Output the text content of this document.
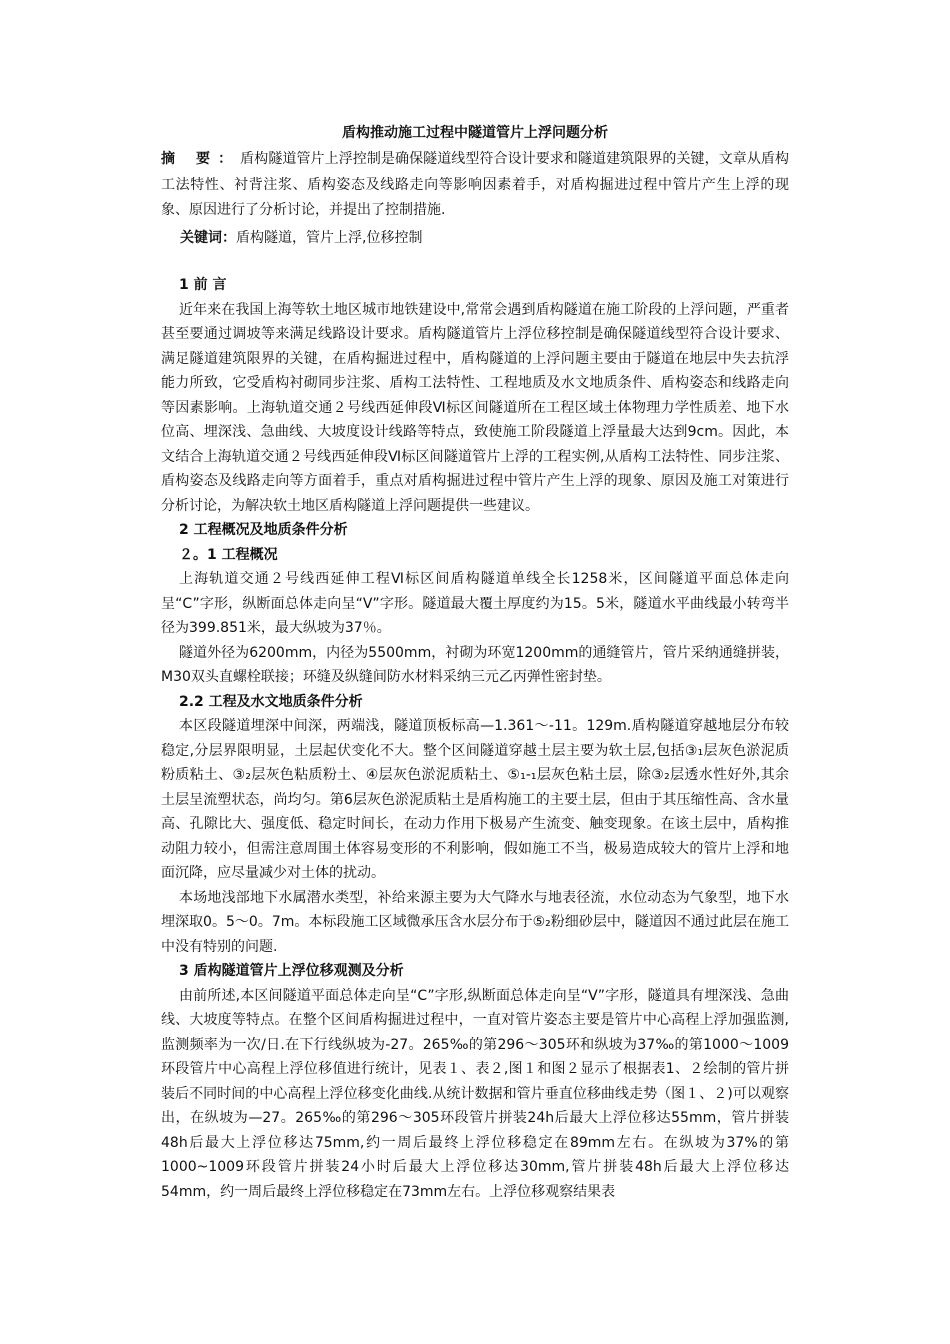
盾构推动施工过程中隧道管片上浮问题分析

摘 要：盾构隧道管片上浮控制是确保隧道线型符合设计要求和隧道建筑限界的关键，文章从盾构工法特性、衬背注浆、盾构姿态及线路走向等影响因素着手，对盾构掘进过程中管片产生上浮的现象、原因进行了分析讨论，并提出了控制措施.

关键词：盾构隧道，管片上浮,位移控制

1 前 言

近年来在我国上海等软土地区城市地铁建设中,常常会遇到盾构隧道在施工阶段的上浮问题，严重者甚至要通过调坡等来满足线路设计要求。盾构隧道管片上浮位移控制是确保隧道线型符合设计要求、满足隧道建筑限界的关键，在盾构掘进过程中，盾构隧道的上浮问题主要由于隧道在地层中失去抗浮能力所致，它受盾构衬砌同步注浆、盾构工法特性、工程地质及水文地质条件、盾构姿态和线路走向等因素影响。上海轨道交通２号线西延伸段Ⅵ标区间隧道所在工程区域土体物理力学性质差、地下水位高、埋深浅、急曲线、大坡度设计线路等特点，致使施工阶段隧道上浮量最大达到9cm。因此，本文结合上海轨道交通２号线西延伸段Ⅵ标区间隧道管片上浮的工程实例,从盾构工法特性、同步注浆、盾构姿态及线路走向等方面着手，重点对盾构掘进过程中管片产生上浮的现象、原因及施工对策进行分析讨论，为解决软土地区盾构隧道上浮问题提供一些建议。

2 工程概况及地质条件分析

２。1 工程概况

上海轨道交通２号线西延伸工程Ⅵ标区间盾构隧道单线全长1258米，区间隧道平面总体走向呈“C”字形，纵断面总体走向呈“V”字形。隧道最大覆土厚度约为15。5米，隧道水平曲线最小转弯半径为399.851米，最大纵坡为37％。

隧道外径为6200mm，内径为5500mm，衬砌为环宽1200mm的通缝管片，管片采纳通缝拼装，M30双头直螺栓联接；环缝及纵缝间防水材料采纳三元乙丙弹性密封垫。

2.2 工程及水文地质条件分析

本区段隧道埋深中间深，两端浅，隧道顶板标高—1.361～-11。129m.盾构隧道穿越地层分布较稳定,分层界限明显，土层起伏变化不大。整个区间隧道穿越土层主要为软土层,包括③₁层灰色淤泥质粉质粘土、③₂层灰色粘质粉土、④层灰色淤泥质粘土、⑤₁-₁层灰色粘土层，除③₂层透水性好外,其余土层呈流塑状态，尚均匀。第6层灰色淤泥质粘土是盾构施工的主要土层，但由于其压缩性高、含水量高、孔隙比大、强度低、稳定时间长，在动力作用下极易产生流变、触变现象。在该土层中，盾构推动阻力较小，但需注意周围土体容易变形的不利影响，假如施工不当，极易造成较大的管片上浮和地面沉降，应尽量减少对土体的扰动。

本场地浅部地下水属潜水类型，补给来源主要为大气降水与地表径流，水位动态为气象型，地下水埋深取0。5～0。7m。本标段施工区域微承压含水层分布于⑤₂粉细砂层中，隧道因不通过此层在施工中没有特别的问题.

3 盾构隧道管片上浮位移观测及分析

由前所述,本区间隧道平面总体走向呈“C”字形,纵断面总体走向呈“V”字形，隧道具有埋深浅、急曲线、大坡度等特点。在整个区间盾构掘进过程中，一直对管片姿态主要是管片中心高程上浮加强监测,监测频率为一次/日.在下行线纵坡为-27。265‰的第296～305环和纵坡为37‰的第1000～1009环段管片中心高程上浮位移值进行统计，见表１、表２,图１和图２显示了根据表1、２绘制的管片拼装后不同时间的中心高程上浮位移变化曲线.从统计数据和管片垂直位移曲线走势（图１、２)可以观察出，在纵坡为—27。265‰的第296～305环段管片拼装24h后最大上浮位移达55mm，管片拼装48h后最大上浮位移达75mm,约一周后最终上浮位移稳定在89mm左右。在纵坡为37%的第1000~1009环段管片拼装24小时后最大上浮位移达30mm,管片拼装48h后最大上浮位移达54mm，约一周后最终上浮位移稳定在73mm左右。上浮位移观察结果表
